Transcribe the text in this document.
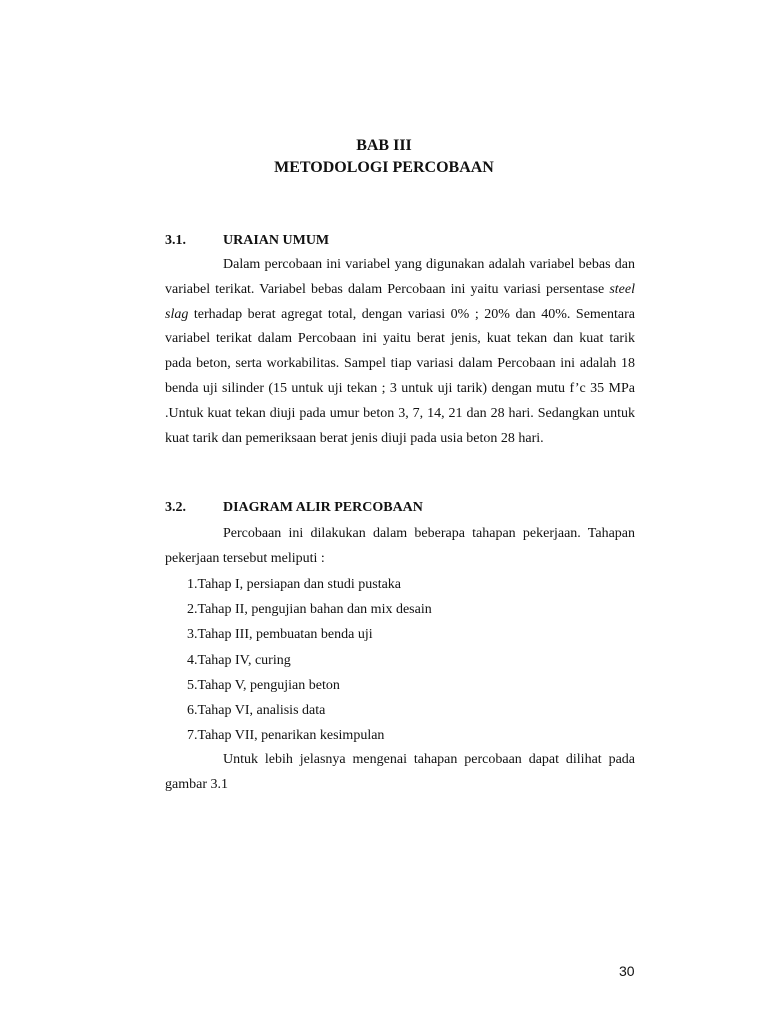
BAB III
METODOLOGI PERCOBAAN
3.1.	URAIAN UMUM
Dalam percobaan ini variabel yang digunakan adalah variabel bebas dan variabel terikat. Variabel bebas dalam Percobaan ini yaitu variasi persentase steel slag terhadap berat agregat total, dengan variasi 0% ; 20% dan 40%. Sementara variabel terikat dalam Percobaan ini yaitu berat jenis, kuat tekan dan kuat tarik pada beton, serta workabilitas. Sampel tiap variasi dalam Percobaan ini adalah 18 benda uji silinder (15 untuk uji tekan ; 3 untuk uji tarik) dengan mutu f’c 35 MPa .Untuk kuat tekan diuji pada umur beton 3, 7, 14, 21 dan 28 hari. Sedangkan untuk kuat tarik dan pemeriksaan berat jenis diuji pada usia beton 28 hari.
3.2.	DIAGRAM ALIR PERCOBAAN
Percobaan ini dilakukan dalam beberapa tahapan pekerjaan. Tahapan pekerjaan tersebut meliputi :
1.Tahap I, persiapan dan studi pustaka
2.Tahap II, pengujian bahan dan mix desain
3.Tahap III, pembuatan benda uji
4.Tahap IV, curing
5.Tahap V, pengujian beton
6.Tahap VI, analisis data
7.Tahap VII, penarikan kesimpulan
Untuk lebih jelasnya mengenai tahapan percobaan dapat dilihat pada gambar 3.1
30
